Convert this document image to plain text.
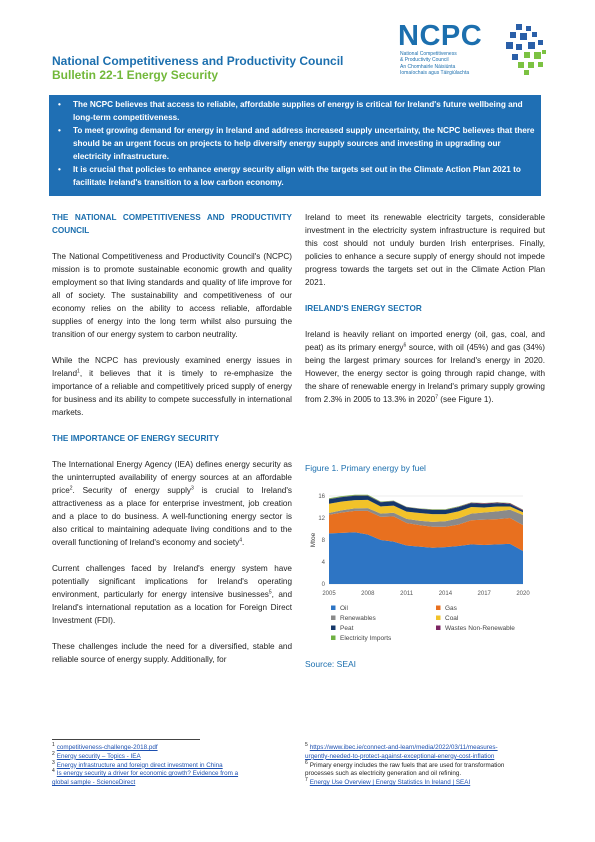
National Competitiveness and Productivity Council
Bulletin 22-1 Energy Security
NCPC
National Competitiveness
& Productivity Council
An Chomhairle Náisiúnta
Iomaíochais agus Táirgiúlachta
• The NCPC believes that access to reliable, affordable supplies of energy is critical for Ireland's future wellbeing and long-term competitiveness.
• To meet growing demand for energy in Ireland and address increased supply uncertainty, the NCPC believes that there should be an urgent focus on projects to help diversify energy supply sources and investing in upgrading our electricity infrastructure.
• It is crucial that policies to enhance energy security align with the targets set out in the Climate Action Plan 2021 to facilitate Ireland's transition to a low carbon economy.
THE NATIONAL COMPETITIVENESS AND PRODUCTIVITY COUNCIL

The National Competitiveness and Productivity Council's (NCPC) mission is to promote sustainable economic growth and quality employment so that living standards and quality of life improve for all of society. The sustainability and competitiveness of our economy relies on the ability to access reliable, affordable supplies of energy into the long term whilst also pursuing the transition of our energy system to carbon neutrality.

While the NCPC has previously examined energy issues in Ireland$^1$, it believes that it is timely to re-emphasize the importance of a reliable and competitively priced supply of energy for business and its ability to compete successfully in international markets.

THE IMPORTANCE OF ENERGY SECURITY

The International Energy Agency (IEA) defines energy security as the uninterrupted availability of energy sources at an affordable price$^2$. Security of energy supply$^3$ is crucial to Ireland's attractiveness as a place for enterprise investment, job creation and a place to do business. A well-functioning energy sector is also critical to maintaining adequate living conditions and to the overall functioning of Ireland's economy and society$^4$.

Current challenges faced by Ireland's energy system have potentially significant implications for Ireland's operating environment, particularly for energy intensive businesses$^5$, and Ireland's international reputation as a location for Foreign Direct Investment (FDI).

These challenges include the need for a diversified, stable and reliable source of energy supply. Additionally, for

Ireland to meet its renewable electricity targets, considerable investment in the electricity system infrastructure is required but this cost should not unduly burden Irish enterprises. Finally, policies to enhance a secure supply of energy should not impede progress towards the targets set out in the Climate Action Plan 2021.

IRELAND'S ENERGY SECTOR

Ireland is heavily reliant on imported energy (oil, gas, coal, and peat) as its primary energy$^6$ source, with oil (45%) and gas (34%) being the largest primary sources for Ireland's energy in 2020. However, the energy sector is going through rapid change, with the share of renewable energy in Ireland's primary supply growing from 2.3% in 2005 to 13.3% in 2020$^7$ (see Figure 1).

Figure 1. Primary energy by fuel
0
4
8
12
16
2005	2008	2011	2014	2017	2020
Mtoe
Oil	Gas
Renewables	Coal
Peat	Wastes Non-Renewable
Electricity Imports
Source: SEAI
$^1$ competitiveness-challenge-2018.pdf
$^2$ Energy security – Topics - IEA
$^3$ Energy infrastructure and foreign direct investment in China
$^4$ Is energy security a driver for economic growth? Evidence from a
global sample - ScienceDirect
$^5$ https://www.ibec.ie/connect-and-learn/media/2022/03/11/measures-
urgently-needed-to-protect-against-exceptional-energy-cost-inflation
$^6$ Primary energy includes the raw fuels that are used for transformation
processes such as electricity generation and oil refining.
$^7$ Energy Use Overview | Energy Statistics In Ireland | SEAI
